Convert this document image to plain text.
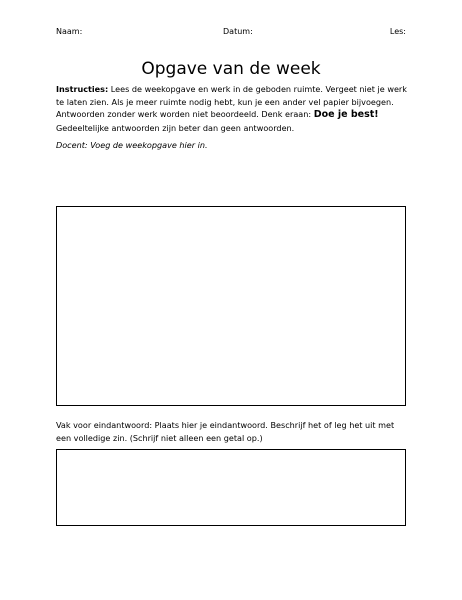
Naam:	Datum:	Les:
Opgave van de week
Instructies: Lees de weekopgave en werk in de geboden ruimte. Vergeet niet je werk te laten zien. Als je meer ruimte nodig hebt, kun je een ander vel papier bijvoegen. Antwoorden zonder werk worden niet beoordeeld. Denk eraan: Doe je best! Gedeeltelijke antwoorden zijn beter dan geen antwoorden.
Docent: Voeg de weekopgave hier in.
Vak voor eindantwoord: Plaats hier je eindantwoord. Beschrijf het of leg het uit met een volledige zin. (Schrijf niet alleen een getal op.)
